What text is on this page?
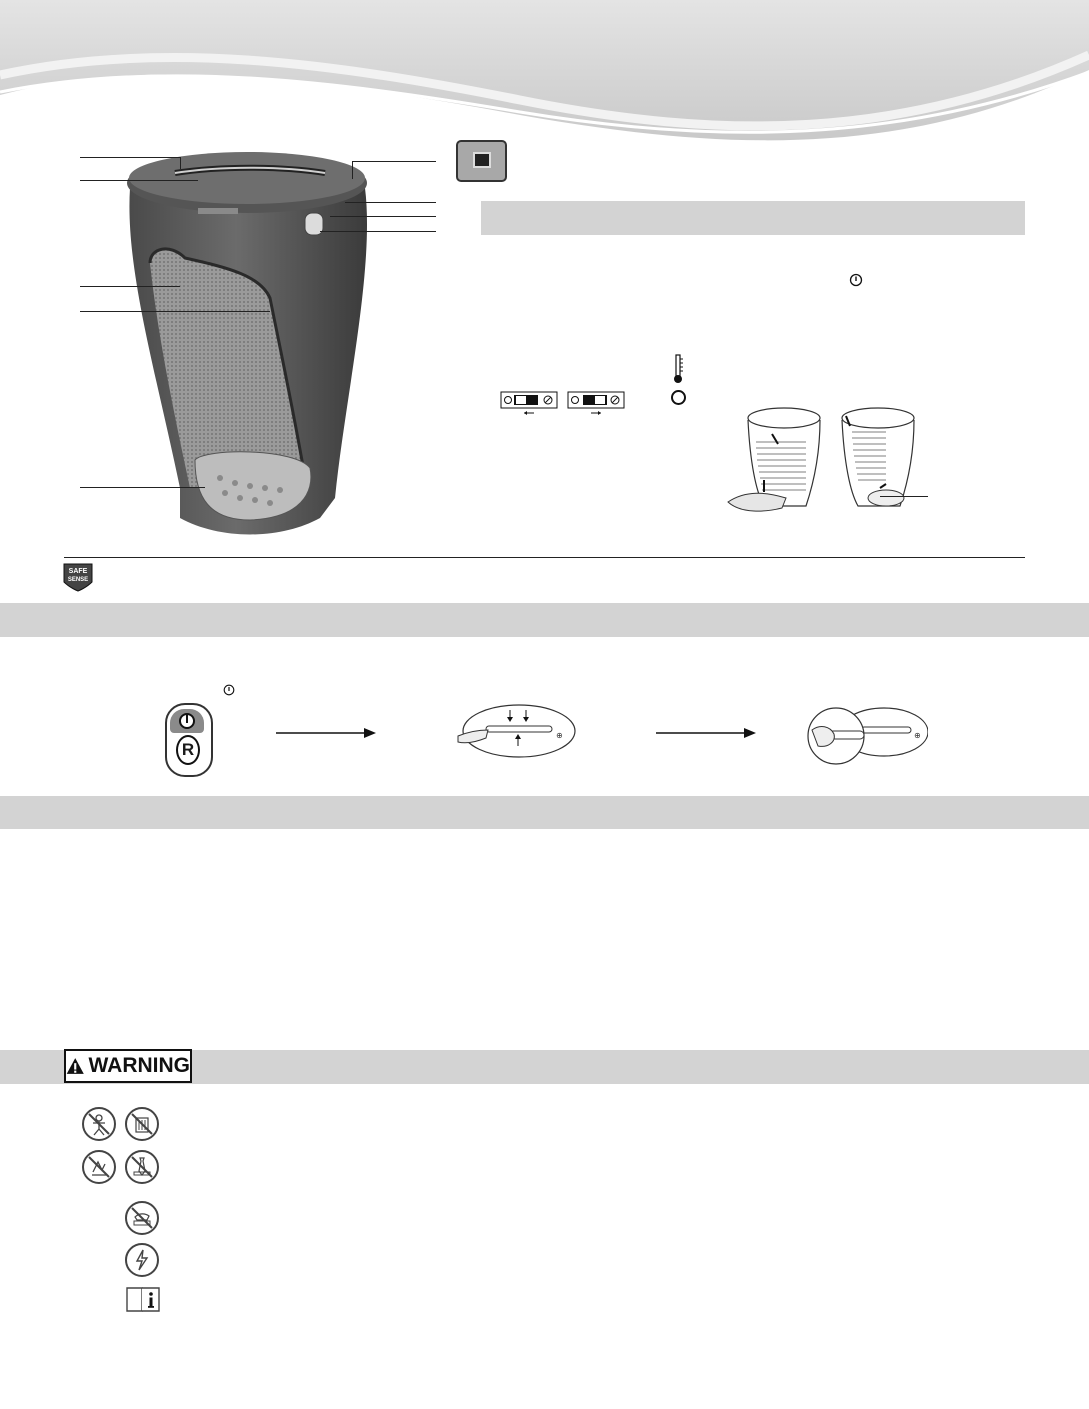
SAFE
SENSE
R
⊕	⊕
WARNING
